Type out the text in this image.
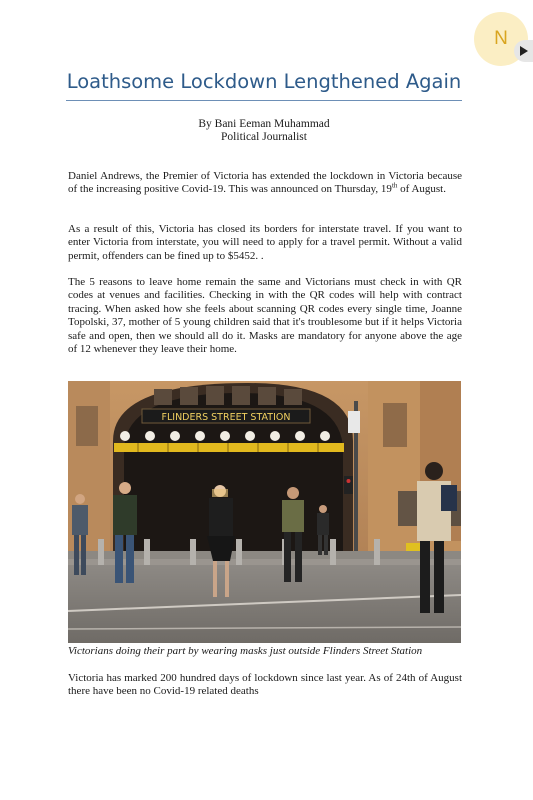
N
Loathsome Lockdown Lengthened Again
By Bani Eeman Muhammad
Political Journalist

Daniel Andrews, the Premier of Victoria has extended the lockdown in Victoria because of the increasing positive Covid-19. This was announced on Thursday, 19th of August.

As a result of this, Victoria has closed its borders for interstate travel. If you want to enter Victoria from interstate, you will need to apply for a travel permit. Without a valid permit, offenders can be fined up to $5452. .

The 5 reasons to leave home remain the same and Victorians must check in with QR codes at venues and facilities. Checking in with the QR codes will help with contract tracing. When asked how she feels about scanning QR codes every single time, Joanne Topolski, 37, mother of 5 young children said that it's troublesome but if it helps Victoria safe and open, then we should all do it. Masks are mandatory for anyone above the age of 12 whenever they leave their home.

FLINDERS STREET STATION

Victorians doing their part by wearing masks just outside Flinders Street Station

Victoria has marked 200 hundred days of lockdown since last year. As of 24th of August there have been no Covid-19 related deaths
